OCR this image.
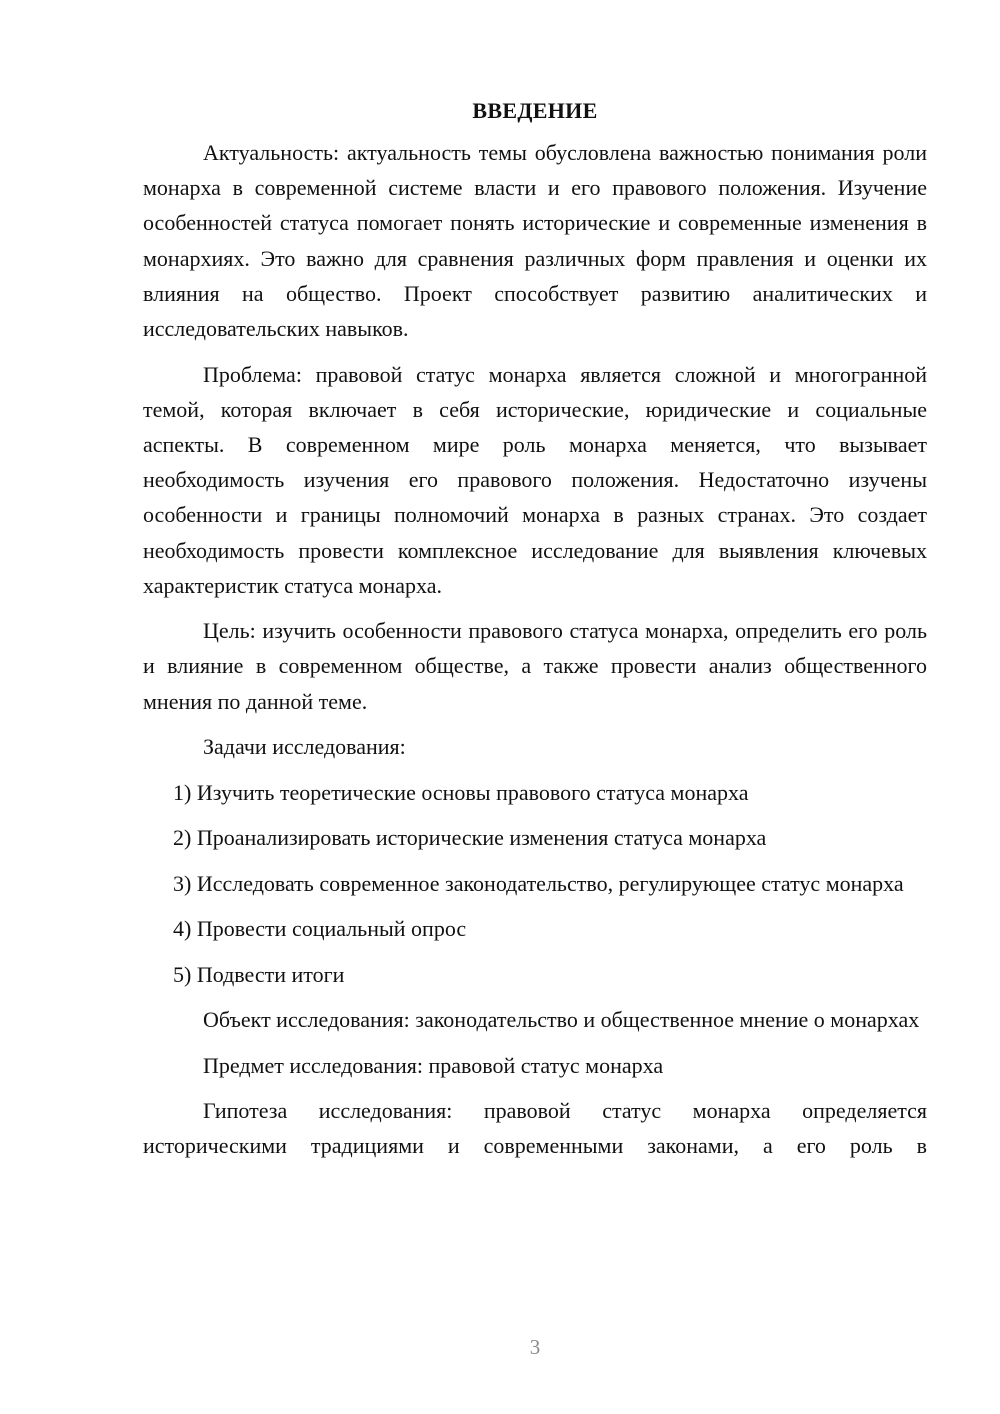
ВВЕДЕНИЕ

Актуальность: актуальность темы обусловлена важностью понимания роли монарха в современной системе власти и его правового положения. Изучение особенностей статуса помогает понять исторические и современные изменения в монархиях. Это важно для сравнения различных форм правления и оценки их влияния на общество. Проект способствует развитию аналитических и исследовательских навыков.

Проблема: правовой статус монарха является сложной и многогранной темой, которая включает в себя исторические, юридические и социальные аспекты. В современном мире роль монарха меняется, что вызывает необходимость изучения его правового положения. Недостаточно изучены особенности и границы полномочий монарха в разных странах. Это создает необходимость провести комплексное исследование для выявления ключевых характеристик статуса монарха.

Цель: изучить особенности правового статуса монарха, определить его роль и влияние в современном обществе, а также провести анализ общественного мнения по данной теме.

Задачи исследования:

1) Изучить теоретические основы правового статуса монарха

2) Проанализировать исторические изменения статуса монарха

3) Исследовать современное законодательство, регулирующее статус монарха

4) Провести социальный опрос

5) Подвести итоги

Объект исследования: законодательство и общественное мнение о монархах

Предмет исследования: правовой статус монарха

Гипотеза исследования: правовой статус монарха определяется историческими традициями и современными законами, а его роль в

3
